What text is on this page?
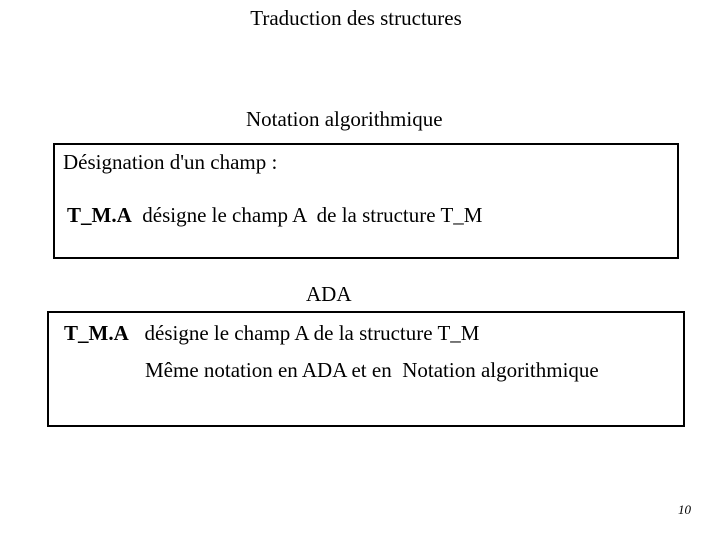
Traduction des structures
Notation algorithmique
Désignation d'un champ :
T_M.A  désigne le champ A  de la structure T_M
ADA
T_M.A   désigne le champ A de la structure T_M
Même notation en ADA et en  Notation algorithmique
10
